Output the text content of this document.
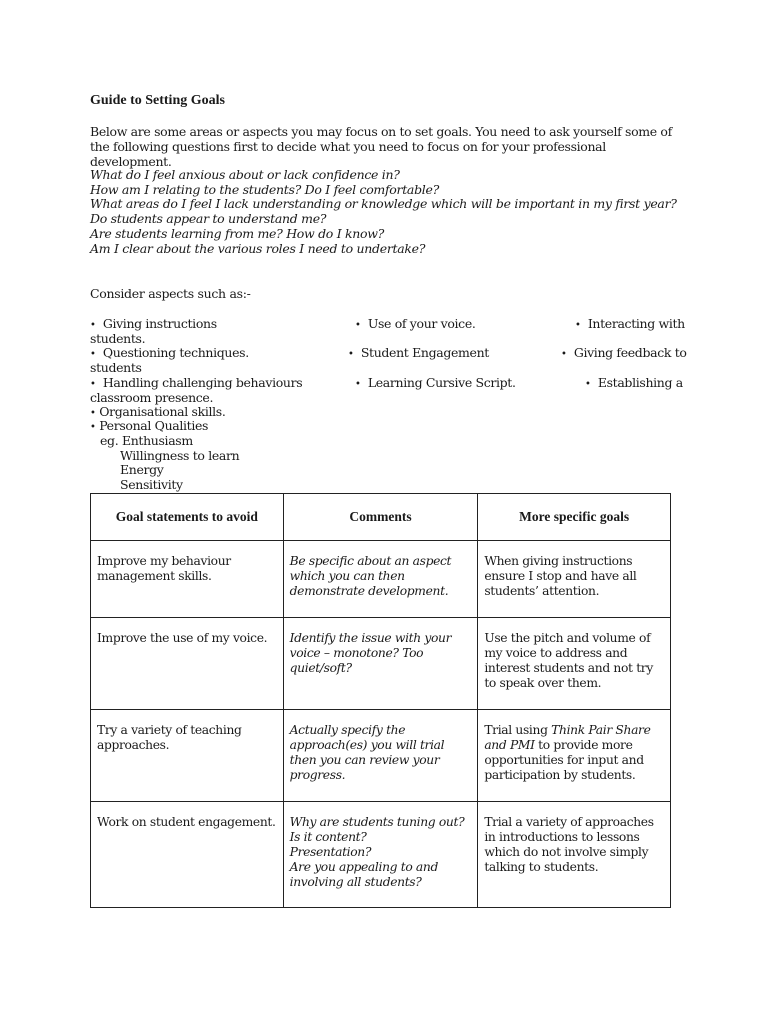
Guide to Setting Goals
Below are some areas or aspects you may focus on to set goals. You need to ask yourself some of the following questions first to decide what you need to focus on for your professional development.
What do I feel anxious about or lack confidence in?
How am I relating to the students? Do I feel comfortable?
What areas do I feel I lack understanding or knowledge which will be important in my first year?
Do students appear to understand me?
Are students learning from me? How do I know?
Am I clear about the various roles I need to undertake?
Consider aspects such as:-
• Giving instructions	• Use of your voice.	• Interacting with
students.
• Questioning techniques.	• Student Engagement	• Giving feedback to
students
• Handling challenging behaviours	• Learning Cursive Script.	• Establishing a
classroom presence.
• Organisational skills.
• Personal Qualities
eg. Enthusiasm
Willingness to learn
Energy
Sensitivity
Goal statements to avoid	Comments	More specific goals

Improve my behaviour management skills.	Be specific about an aspect which you can then demonstrate development.	When giving instructions ensure I stop and have all students’ attention.

Improve the use of my voice.	Identify the issue with your voice – monotone? Too quiet/soft?	Use the pitch and volume of my voice to address and interest students and not try to speak over them.

Try a variety of teaching approaches.	Actually specify the approach(es) you will trial then you can review your progress.	Trial using Think Pair Share and PMI to provide more opportunities for input and participation by students.

Work on student engagement.	Why are students tuning out?
Is it content?
Presentation?
Are you appealing to and involving all students?	Trial a variety of approaches in introductions to lessons which do not involve simply talking to students.
